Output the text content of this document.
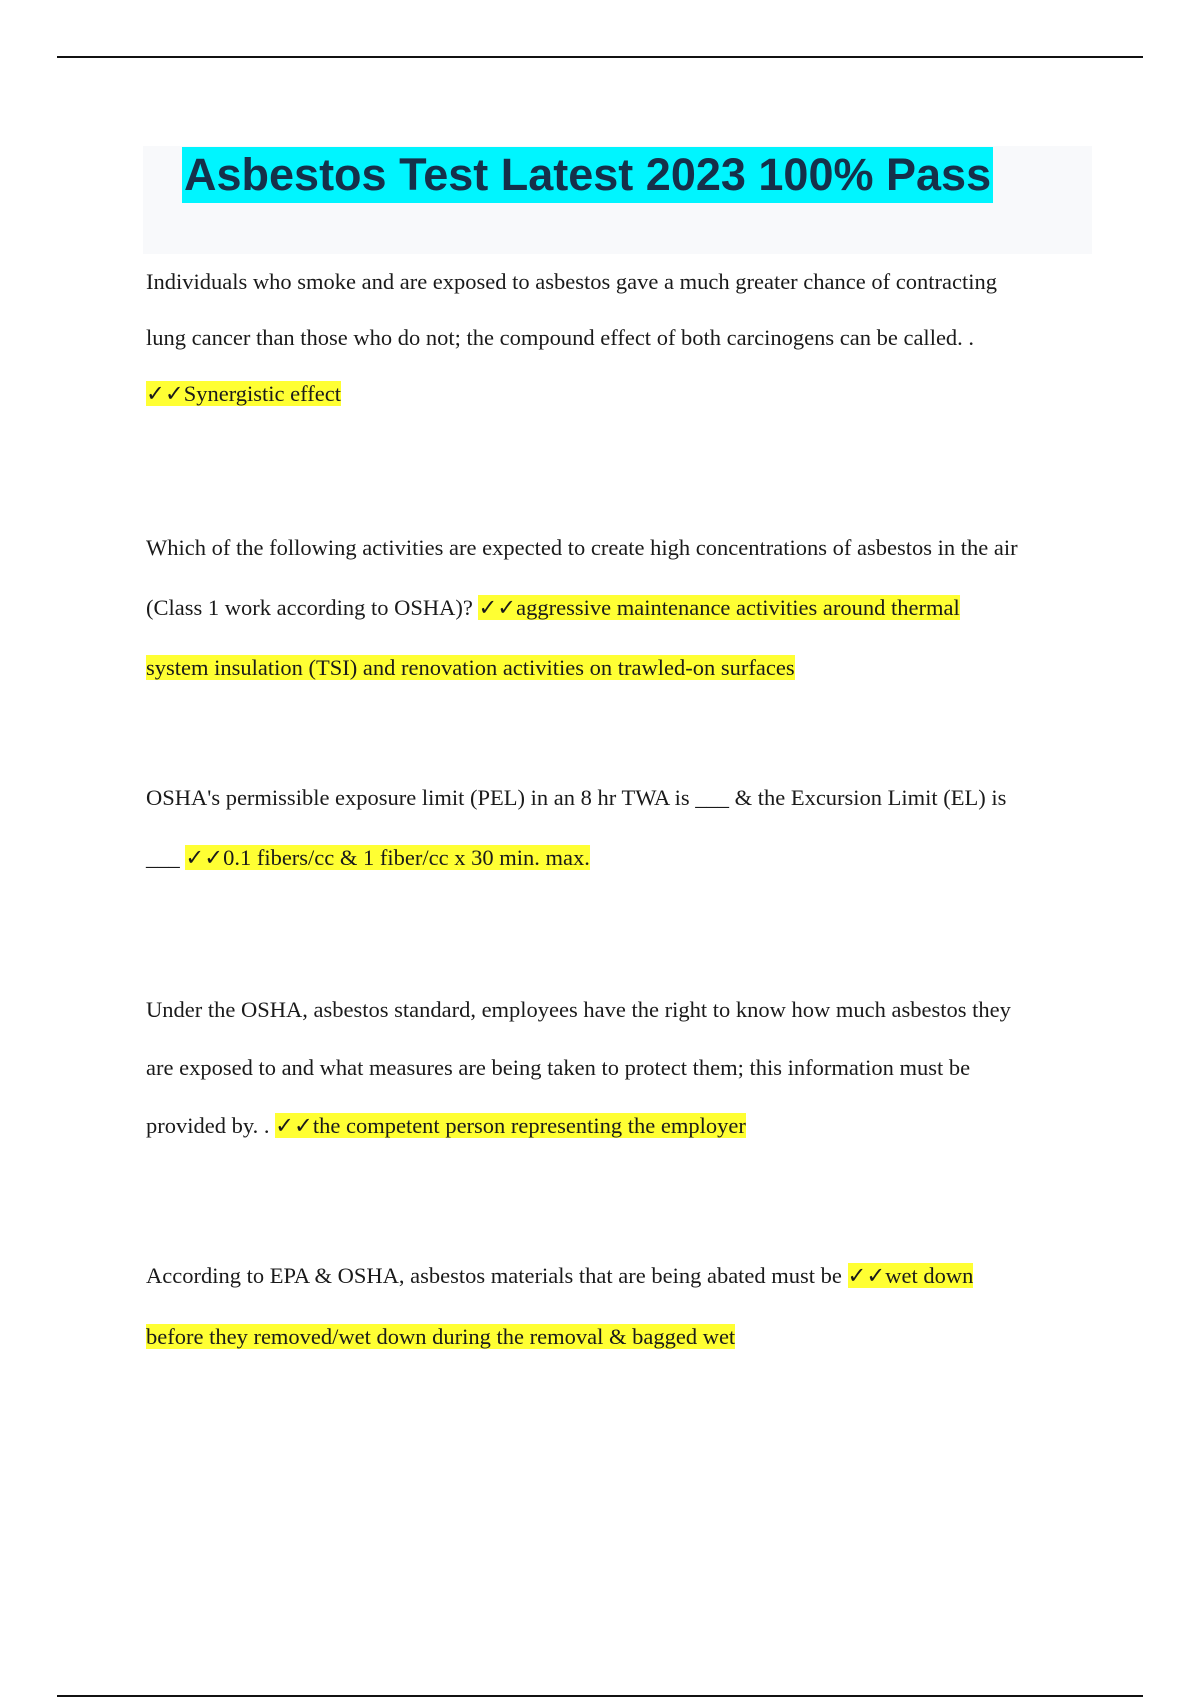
Asbestos Test Latest 2023 100% Pass
Individuals who smoke and are exposed to asbestos gave a much greater chance of contracting
lung cancer than those who do not; the compound effect of both carcinogens can be called. .
✓✓Synergistic effect
Which of the following activities are expected to create high concentrations of asbestos in the air
(Class 1 work according to OSHA)? ✓✓aggressive maintenance activities around thermal
system insulation (TSI) and renovation activities on trawled-on surfaces
OSHA's permissible exposure limit (PEL) in an 8 hr TWA is ___ & the Excursion Limit (EL) is
___ ✓✓0.1 fibers/cc & 1 fiber/cc x 30 min. max.
Under the OSHA, asbestos standard, employees have the right to know how much asbestos they
are exposed to and what measures are being taken to protect them; this information must be
provided by. . ✓✓the competent person representing the employer
According to EPA & OSHA, asbestos materials that are being abated must be ✓✓wet down
before they removed/wet down during the removal & bagged wet
